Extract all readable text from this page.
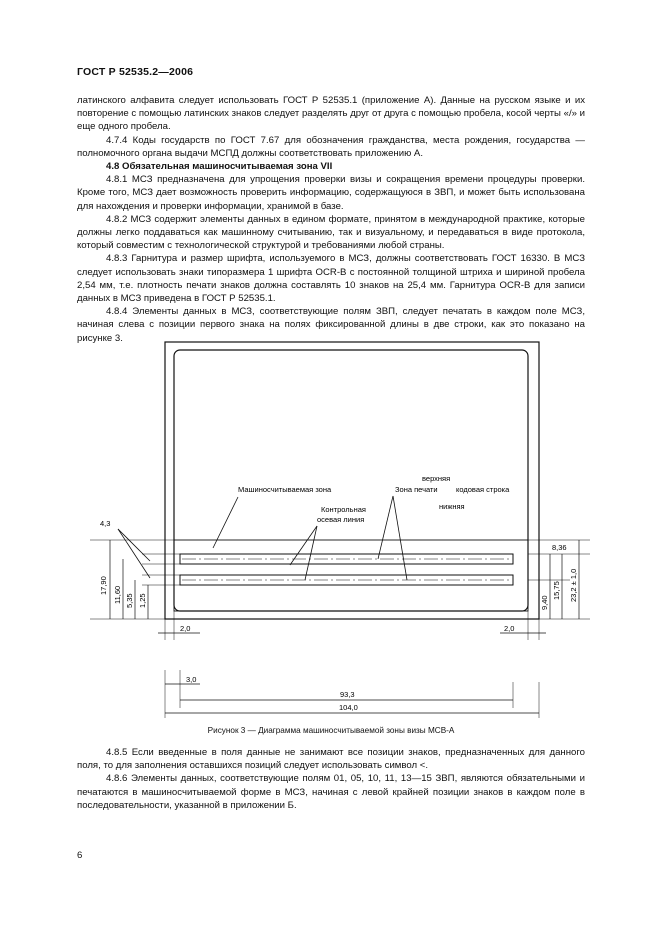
ГОСТ Р 52535.2—2006

латинского алфавита следует использовать ГОСТ Р 52535.1 (приложение А). Данные на русском языке и их повторение с помощью латинских знаков следует разделять друг от друга с помощью пробела, косой черты «/» и еще одного пробела.

4.7.4 Коды государств по ГОСТ 7.67 для обозначения гражданства, места рождения, государства — полномочного органа выдачи МСПД должны соответствовать приложению А.

4.8 Обязательная машиносчитываемая зона VII

4.8.1 МСЗ предназначена для упрощения проверки визы и сокращения времени процедуры проверки. Кроме того, МСЗ дает возможность проверить информацию, содержащуюся в ЗВП, и может быть использована для нахождения и проверки информации, хранимой в базе.

4.8.2 МСЗ содержит элементы данных в едином формате, принятом в международной практике, которые должны легко поддаваться как машинному считыванию, так и визуальному, и передаваться в виде протокола, который совместим с технологической структурой и требованиями любой страны.

4.8.3 Гарнитура и размер шрифта, используемого в МСЗ, должны соответствовать ГОСТ 16330. В МСЗ следует использовать знаки типоразмера 1 шрифта OCR-B с постоянной толщиной штриха и шириной пробела 2,54 мм, т.е. плотность печати знаков должна составлять 10 знаков на 25,4 мм. Гарнитура OCR-B для записи данных в МСЗ приведена в ГОСТ Р 52535.1.

4.8.4 Элементы данных в МСЗ, соответствующие полям ЗВП, следует печатать в каждом поле МСЗ, начиная слева с позиции первого знака на полях фиксированной длины в две строки, как это показано на рисунке 3.

верхняя
Машиносчитываемая зона	Зона печати кодовая строка
нижняя
Контрольная
осевая линия
4,3
17,90 11,60 5,35 1,25
8,36
9,40
15,75 23,2 ± 1,0
2,0	2,0
3,0
93,3
104,0
Рисунок 3 — Диаграмма машиносчитываемой зоны визы МСВ-А

4.8.5 Если введенные в поля данные не занимают все позиции знаков, предназначенных для данного поля, то для заполнения оставшихся позиций следует использовать символ <.

4.8.6 Элементы данных, соответствующие полям 01, 05, 10, 11, 13—15 ЗВП, являются обязательными и печатаются в машиносчитываемой форме в МСЗ, начиная с левой крайней позиции знаков в каждом поле в последовательности, указанной в приложении Б.

6
